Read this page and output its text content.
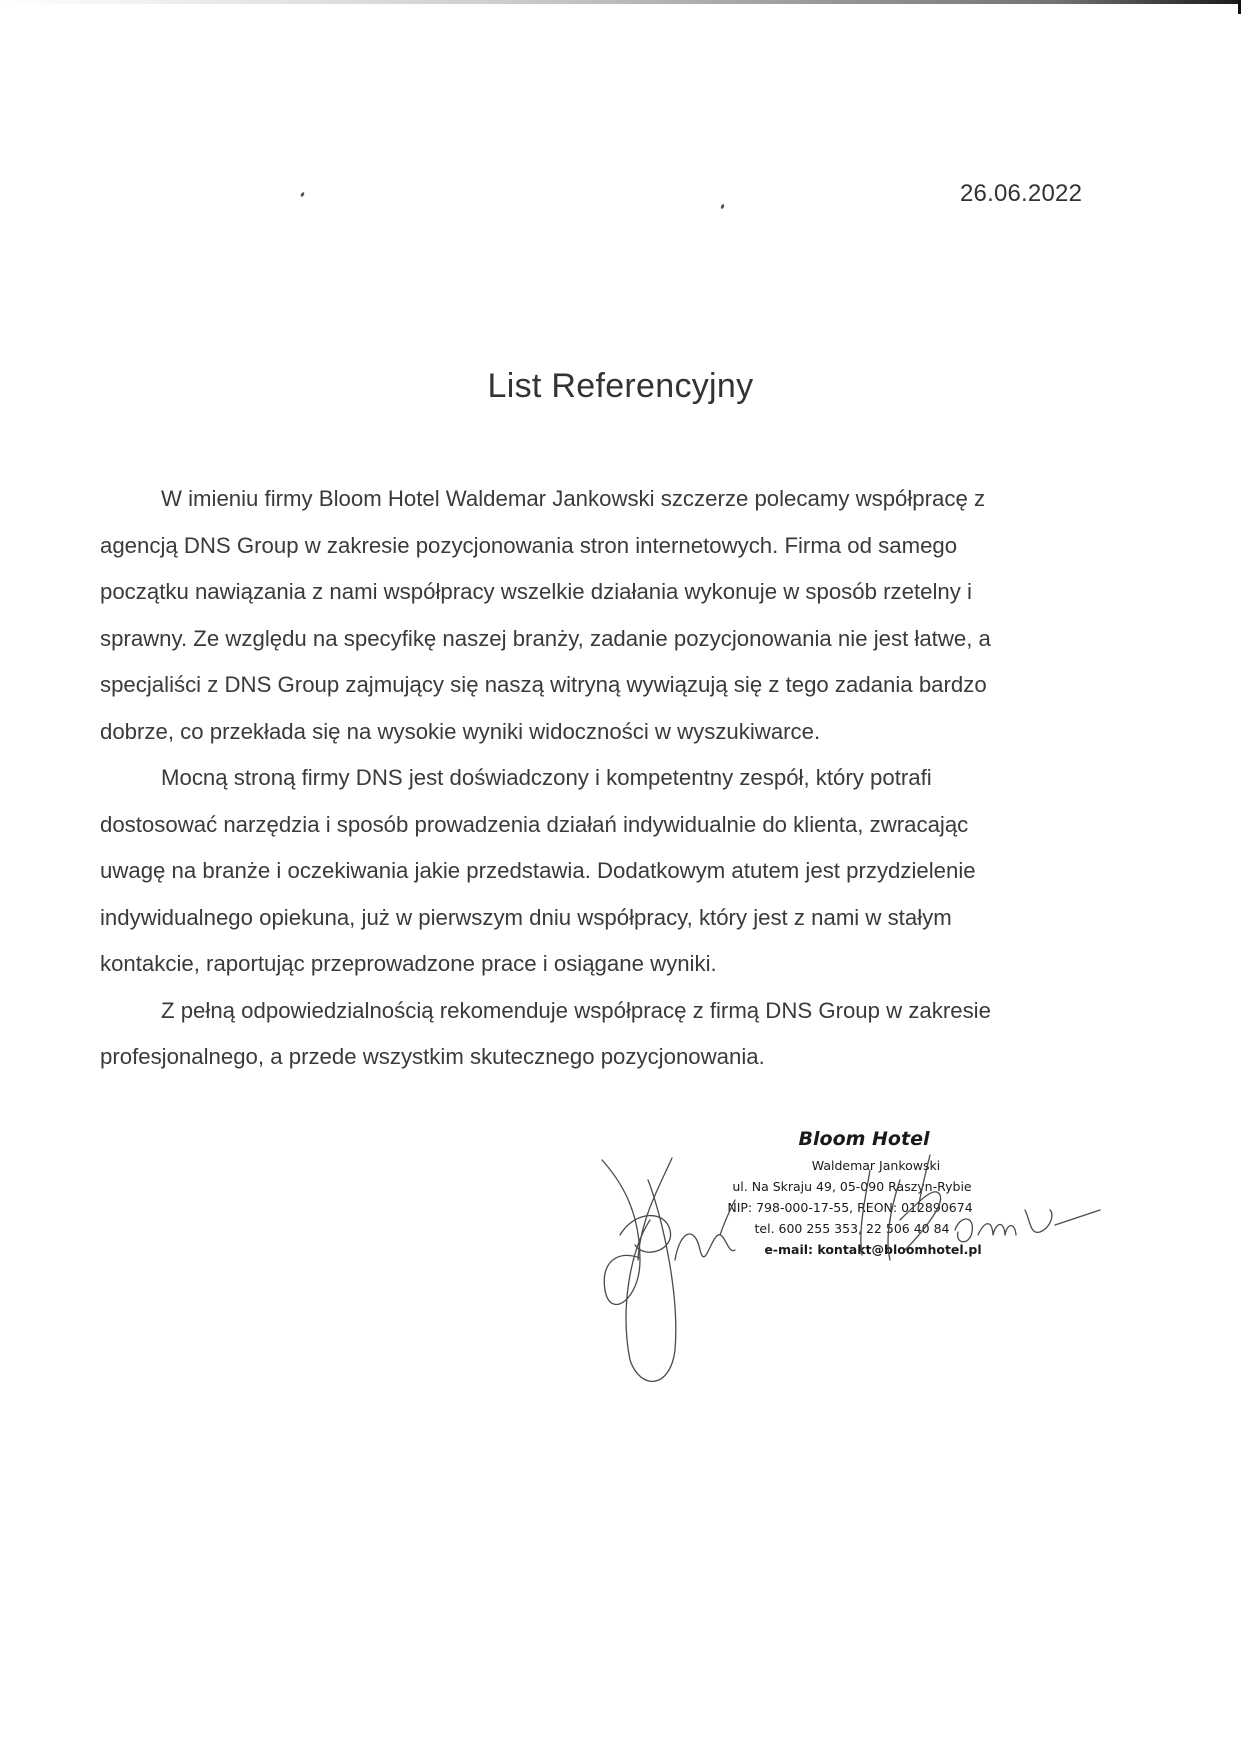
26.06.2022
List Referencyjny
W imieniu firmy Bloom Hotel Waldemar Jankowski szczerze polecamy współpracę z
agencją DNS Group w zakresie pozycjonowania stron internetowych. Firma od samego
początku nawiązania z nami współpracy wszelkie działania wykonuje w sposób rzetelny i
sprawny. Ze względu na specyfikę naszej branży, zadanie pozycjonowania nie jest łatwe, a
specjaliści z DNS Group zajmujący się naszą witryną wywiązują się z tego zadania bardzo
dobrze, co przekłada się na wysokie wyniki widoczności w wyszukiwarce.
Mocną stroną firmy DNS jest doświadczony i kompetentny zespół, który potrafi
dostosować narzędzia i sposób prowadzenia działań indywidualnie do klienta, zwracając
uwagę na branże i oczekiwania jakie przedstawia. Dodatkowym atutem jest przydzielenie
indywidualnego opiekuna, już w pierwszym dniu współpracy, który jest z nami w stałym
kontakcie, raportując przeprowadzone prace i osiągane wyniki.
Z pełną odpowiedzialnością rekomenduje współpracę z firmą DNS Group w zakresie
profesjonalnego, a przede wszystkim skutecznego pozycjonowania.
Bloom Hotel
Waldemar Jankowski
ul. Na Skraju 49, 05-090 Raszyn-Rybie
NIP: 798-000-17-55, REON: 012890674
tel. 600 255 353, 22 506 40 84
e-mail: kontakt@bloomhotel.pl
